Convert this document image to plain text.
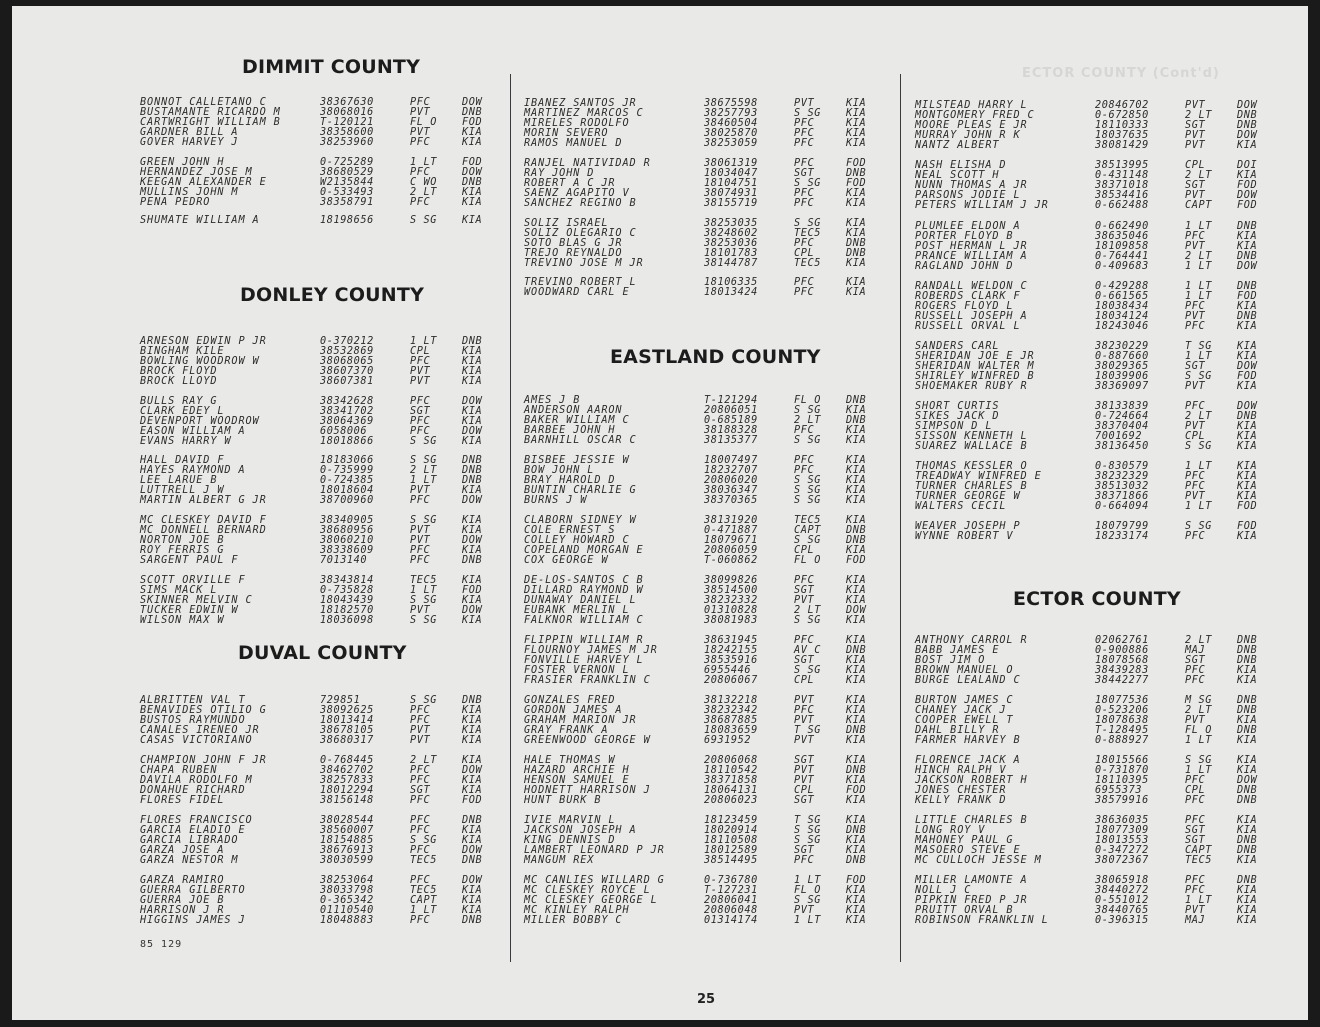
ECTOR COUNTY (Cont'd)
DIMMIT COUNTY
BONNOT CALLETANO C	38367630	PFC	DOW
BUSTAMANTE RICARDO M	38068016	PVT	DNB
CARTWRIGHT WILLIAM B	T-120121	FL O FOD
GARDNER BILL A	38358600	PVT	KIA
GOVER HARVEY J	38253960	PFC	KIA
GREEN JOHN H	0-725289	1 LT FOD
HERNANDEZ JOSE M	38680529	PFC	DOW
KEEGAN ALEXANDER E	W2135844	C WO DNB
MULLINS JOHN M	0-533493	2 LT KIA
PENA PEDRO	38358791	PFC	KIA
SHUMATE WILLIAM A	18198656	S SG KIA
DONLEY COUNTY
ARNESON EDWIN P JR	0-370212	1 LT DNB
BINGHAM KILE	38532869	CPL	KIA
BOWLING WOODROW W	38068065	PFC	KIA
BROCK FLOYD	38607370	PVT	KIA
BROCK LLOYD	38607381	PVT	KIA
BULLS RAY G	38342628	PFC	DOW
CLARK EDEY L	38341702	SGT	KIA
DEVENPORT WOODROW	38064369	PFC	KIA
EASON WILLIAM A	6058006	PFC	DOW
EVANS HARRY W	18018866	S SG KIA
HALL DAVID F	18183066	S SG DNB
HAYES RAYMOND A	0-735999	2 LT DNB
LEE LARUE B	0-724385	1 LT DNB
LUTTRELL J W	18018604	PVT	KIA
MARTIN ALBERT G JR	38700960	PFC	DOW
MC CLESKEY DAVID F	38340905	S SG KIA
MC DONNELL BERNARD	38680956	PVT	KIA
NORTON JOE B	38060210	PVT	DOW
ROY FERRIS G	38338609	PFC	KIA
SARGENT PAUL F	7013140	PFC	DNB
SCOTT ORVILLE F	38343814	TEC5 KIA
SIMS MACK L	0-735828	1 LT FOD
SKINNER MELVIN C	18043439	S SG KIA
TUCKER EDWIN W	18182570	PVT	DOW
WILSON MAX W	18036098	S SG KIA
DUVAL COUNTY
ALBRITTEN VAL T	729851	S SG DNB
BENAVIDES OTILIO G	38092625	PFC	KIA
BUSTOS RAYMUNDO	18013414	PFC	KIA
CANALES IRENEO JR	38678105	PVT	KIA
CASAS VICTORIANO	38680317	PVT	KIA
CHAMPION JOHN F JR	0-768445	2 LT KIA
CHAPA RUBEN	38462702	PFC	DOW
DAVILA RODOLFO M	38257833	PFC	KIA
DONAHUE RICHARD	18012294	SGT	KIA
FLORES FIDEL	38156148	PFC	FOD
FLORES FRANCISCO	38028544	PFC	DNB
GARCIA ELADIO E	38560007	PFC	KIA
GARCIA LIBRADO	18154885	S SG KIA
GARZA JOSE A	38676913	PFC	DOW
GARZA NESTOR M	38030599	TEC5 DNB
GARZA RAMIRO	38253064	PFC	DOW
GUERRA GILBERTO	38033798	TEC5 KIA
GUERRA JOE B	0-365342	CAPT KIA
HARRISON J R	01110540	1 LT KIA
HIGGINS JAMES J	18048883	PFC	DNB
IBANEZ SANTOS JR	38675598	PVT	KIA
MARTINEZ MARCOS C	38257793	S SG KIA
MIRELES RODOLFO	38460504	PFC	KIA
MORIN SEVERO	38025870	PFC	KIA
RAMOS MANUEL D	38253059	PFC	KIA
RANJEL NATIVIDAD R	38061319	PFC	FOD
RAY JOHN D	18034047	SGT	DNB
ROBERT A C JR	18104751	S SG FOD
SAENZ AGAPITO V	38074931	PFC	KIA
SANCHEZ REGINO B	38155719	PFC	KIA
SOLIZ ISRAEL	38253035	S SG KIA
SOLIZ OLEGARIO C	38248602	TEC5 KIA
SOTO BLAS G JR	38253036	PFC	DNB
TREJO REYNALDO	18101783	CPL	DNB
TREVINO JOSE M JR	38144787	TEC5 KIA
TREVINO ROBERT L	18106335	PFC	KIA
WOODWARD CARL E	18013424	PFC	KIA
EASTLAND COUNTY
AMES J B	T-121294	FL O DNB
ANDERSON AARON	20806051	S SG KIA
BAKER WILLIAM C	0-685189	2 LT DNB
BARBEE JOHN H	38188328	PFC	KIA
BARNHILL OSCAR C	38135377	S SG KIA
BISBEE JESSIE W	18007497	PFC	KIA
BOW JOHN L	18232707	PFC	KIA
BRAY HAROLD D	20806020	S SG KIA
BUNTIN CHARLIE G	38036347	S SG KIA
BURNS J W	38370365	S SG KIA
CLABORN SIDNEY W	38131920	TEC5 KIA
COLE ERNEST S	0-471887	CAPT DNB
COLLEY HOWARD C	18079671	S SG DNB
COPELAND MORGAN E	20806059	CPL	KIA
COX GEORGE W	T-060862	FL O FOD
DE-LOS-SANTOS C B	38099826	PFC	KIA
DILLARD RAYMOND W	38514500	SGT	KIA
DUNAWAY DANIEL L	38232332	PVT	KIA
EUBANK MERLIN L	01310828	2 LT DOW
FALKNOR WILLIAM C	38081983	S SG KIA
FLIPPIN WILLIAM R	38631945	PFC	KIA
FLOURNOY JAMES M JR	18242155	AV C DNB
FONVILLE HARVEY L	38535916	SGT	KIA
FOSTER VERNON L	6955446	S SG KIA
FRASIER FRANKLIN C	20806067	CPL	KIA
GONZALES FRED	38132218	PVT	KIA
GORDON JAMES A	38232342	PFC	KIA
GRAHAM MARION JR	38687885	PVT	KIA
GRAY FRANK A	18083659	T SG DNB
GREENWOOD GEORGE W	6931952	PVT	KIA
HALE THOMAS W	20806068	SGT	KIA
HAZARD ARCHIE H	18110542	PVT	DNB
HENSON SAMUEL E	38371858	PVT	KIA
HODNETT HARRISON J	18064131	CPL	FOD
HUNT BURK B	20806023	SGT	KIA
IVIE MARVIN L	18123459	T SG KIA
JACKSON JOSEPH A	18020914	S SG DNB
KING DENNIS D	18110508	S SG KIA
LAMBERT LEONARD P JR	18012589	SGT	KIA
MANGUM REX	38514495	PFC	DNB
MC CANLIES WILLARD G	0-736780	1 LT FOD
MC CLESKEY ROYCE L	T-127231	FL O KIA
MC CLESKEY GEORGE L	20806041	S SG KIA
MC KINLEY RALPH	20806048	PVT	KIA
MILLER BOBBY C	01314174	1 LT KIA
MILSTEAD HARRY L	20846702	PVT	DOW
MONTGOMERY FRED C	0-672850	2 LT DNB
MOORE PLEAS E JR	18110333	SGT	DNB
MURRAY JOHN R K	18037635	PVT	DOW
NANTZ ALBERT	38081429	PVT	KIA
NASH ELISHA D	38513995	CPL	DOI
NEAL SCOTT H	0-431148	2 LT KIA
NUNN THOMAS A JR	38371018	SGT	FOD
PARSONS JODIE L	38534416	PVT	DOW
PETERS WILLIAM J JR	0-662488	CAPT FOD
PLUMLEE ELDON A	0-662490	1 LT DNB
PORTER FLOYD B	38635046	PFC	KIA
POST HERMAN L JR	18109858	PVT	KIA
PRANCE WILLIAM A	0-764441	2 LT DNB
RAGLAND JOHN D	0-409683	1 LT DOW
RANDALL WELDON C	0-429288	1 LT DNB
ROBERDS CLARK F	0-661565	1 LT FOD
ROGERS FLOYD L	18038434	PFC	KIA
RUSSELL JOSEPH A	18034124	PVT	DNB
RUSSELL ORVAL L	18243046	PFC	KIA
SANDERS CARL	38230229	T SG KIA
SHERIDAN JOE E JR	0-887660	1 LT KIA
SHERIDAN WALTER M	38029365	SGT	DOW
SHIRLEY WINFRED B	18039906	S SG FOD
SHOEMAKER RUBY R	38369097	PVT	KIA
SHORT CURTIS	38133839	PFC	DOW
SIKES JACK D	0-724664	2 LT DNB
SIMPSON D L	38370404	PVT	KIA
SISSON KENNETH L	7001692	CPL	KIA
SUAREZ WALLACE B	38136450	S SG KIA
THOMAS KESSLER O	0-830579	1 LT KIA
TREADWAY WINFRED E	38232329	PFC	KIA
TURNER CHARLES B	38513032	PFC	KIA
TURNER GEORGE W	38371866	PVT	KIA
WALTERS CECIL	0-664094	1 LT FOD
WEAVER JOSEPH P	18079799	S SG FOD
WYNNE ROBERT V	18233174	PFC	KIA
ECTOR COUNTY
ANTHONY CARROL R	02062761	2 LT DNB
BABB JAMES E	0-900886	MAJ	DNB
BOST JIM O	18078568	SGT	DNB
BROWN MANUEL O	38439283	PFC	KIA
BURGE LEALAND C	38442277	PFC	KIA
BURTON JAMES C	18077536	M SG DNB
CHANEY JACK J	0-523206	2 LT DNB
COOPER EWELL T	18078638	PVT	KIA
DAHL BILLY R	T-128495	FL O DNB
FARMER HARVEY B	0-888927	1 LT KIA
FLORENCE JACK A	18015566	S SG KIA
HINCH RALPH V	0-731870	1 LT KIA
JACKSON ROBERT H	18110395	PFC	DOW
JONES CHESTER	6955373	CPL	DNB
KELLY FRANK D	38579916	PFC	DNB
LITTLE CHARLES B	38636035	PFC	KIA
LONG ROY V	18077309	SGT	KIA
MAHONEY PAUL G	18013553	SGT	DNB
MASOERO STEVE E	0-347272	CAPT DNB
MC CULLOCH JESSE M	38072367	TEC5 KIA
MILLER LAMONTE A	38065918	PFC	DNB
NOLL J C	38440272	PFC	KIA
PIPKIN FRED P JR	0-551012	1 LT KIA
PRUITT ORVAL B	38440765	PVT	KIA
ROBINSON FRANKLIN L	0-396315	MAJ	KIA
85 129
25
